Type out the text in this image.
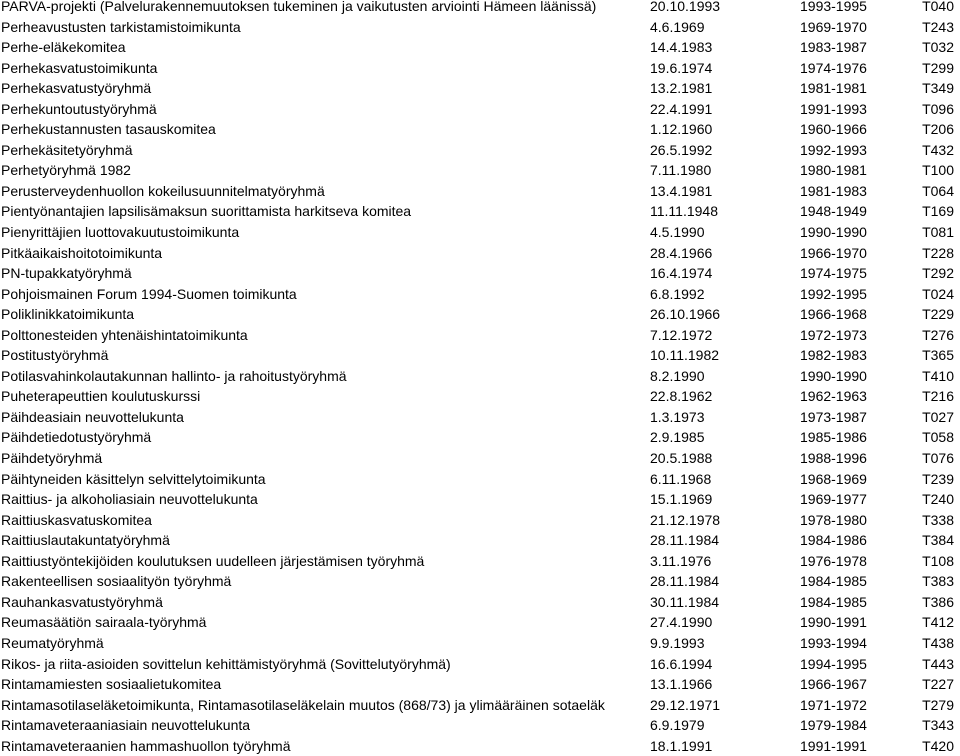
PARVA-projekti (Palvelurakennemuutoksen tukeminen ja vaikutusten arviointi Hämeen läänissä)	20.10.1993	1993-1995	T040
Perheavustusten tarkistamistoimikunta	4.6.1969	1969-1970	T243
Perhe-eläkekomitea	14.4.1983	1983-1987	T032
Perhekasvatustoimikunta	19.6.1974	1974-1976	T299
Perhekasvatustyöryhmä	13.2.1981	1981-1981	T349
Perhekuntoutustyöryhmä	22.4.1991	1991-1993	T096
Perhekustannusten tasauskomitea	1.12.1960	1960-1966	T206
Perhekäsitetyöryhmä	26.5.1992	1992-1993	T432
Perhetyöryhmä 1982	7.11.1980	1980-1981	T100
Perusterveydenhuollon kokeilusuunnitelmatyöryhmä	13.4.1981	1981-1983	T064
Pientyönantajien lapsilisämaksun suorittamista harkitseva komitea	11.11.1948	1948-1949	T169
Pienyrittäjien luottovakuutustoimikunta	4.5.1990	1990-1990	T081
Pitkäaikaishoitotoimikunta	28.4.1966	1966-1970	T228
PN-tupakkatyöryhmä	16.4.1974	1974-1975	T292
Pohjoismainen Forum 1994-Suomen toimikunta	6.8.1992	1992-1995	T024
Poliklinikkatoimikunta	26.10.1966	1966-1968	T229
Polttonesteiden yhtenäishintatoimikunta	7.12.1972	1972-1973	T276
Postitustyöryhmä	10.11.1982	1982-1983	T365
Potilasvahinkolautakunnan hallinto- ja rahoitustyöryhmä	8.2.1990	1990-1990	T410
Puheterapeuttien koulutuskurssi	22.8.1962	1962-1963	T216
Päihdeasiain neuvottelukunta	1.3.1973	1973-1987	T027
Päihdetiedotustyöryhmä	2.9.1985	1985-1986	T058
Päihdetyöryhmä	20.5.1988	1988-1996	T076
Päihtyneiden käsittelyn selvittelytoimikunta	6.11.1968	1968-1969	T239
Raittius- ja alkoholiasiain neuvottelukunta	15.1.1969	1969-1977	T240
Raittiuskasvatuskomitea	21.12.1978	1978-1980	T338
Raittiuslautakuntatyöryhmä	28.11.1984	1984-1986	T384
Raittiustyöntekijöiden koulutuksen uudelleen järjestämisen työryhmä	3.11.1976	1976-1978	T108
Rakenteellisen sosiaalityön työryhmä	28.11.1984	1984-1985	T383
Rauhankasvatustyöryhmä	30.11.1984	1984-1985	T386
Reumasäätiön sairaala-työryhmä	27.4.1990	1990-1991	T412
Reumatyöryhmä	9.9.1993	1993-1994	T438
Rikos- ja riita-asioiden sovittelun kehittämistyöryhmä (Sovittelutyöryhmä)	16.6.1994	1994-1995	T443
Rintamamiesten sosiaalietukomitea	13.1.1966	1966-1967	T227
Rintamasotilaseläketoimikunta, Rintamasotilaseläkelain muutos (868/73) ja ylimääräinen sotaeläk	29.12.1971	1971-1972	T279
Rintamaveteraaniasiain neuvottelukunta	6.9.1979	1979-1984	T343
Rintamaveteraanien hammashuollon työryhmä	18.1.1991	1991-1991	T420
